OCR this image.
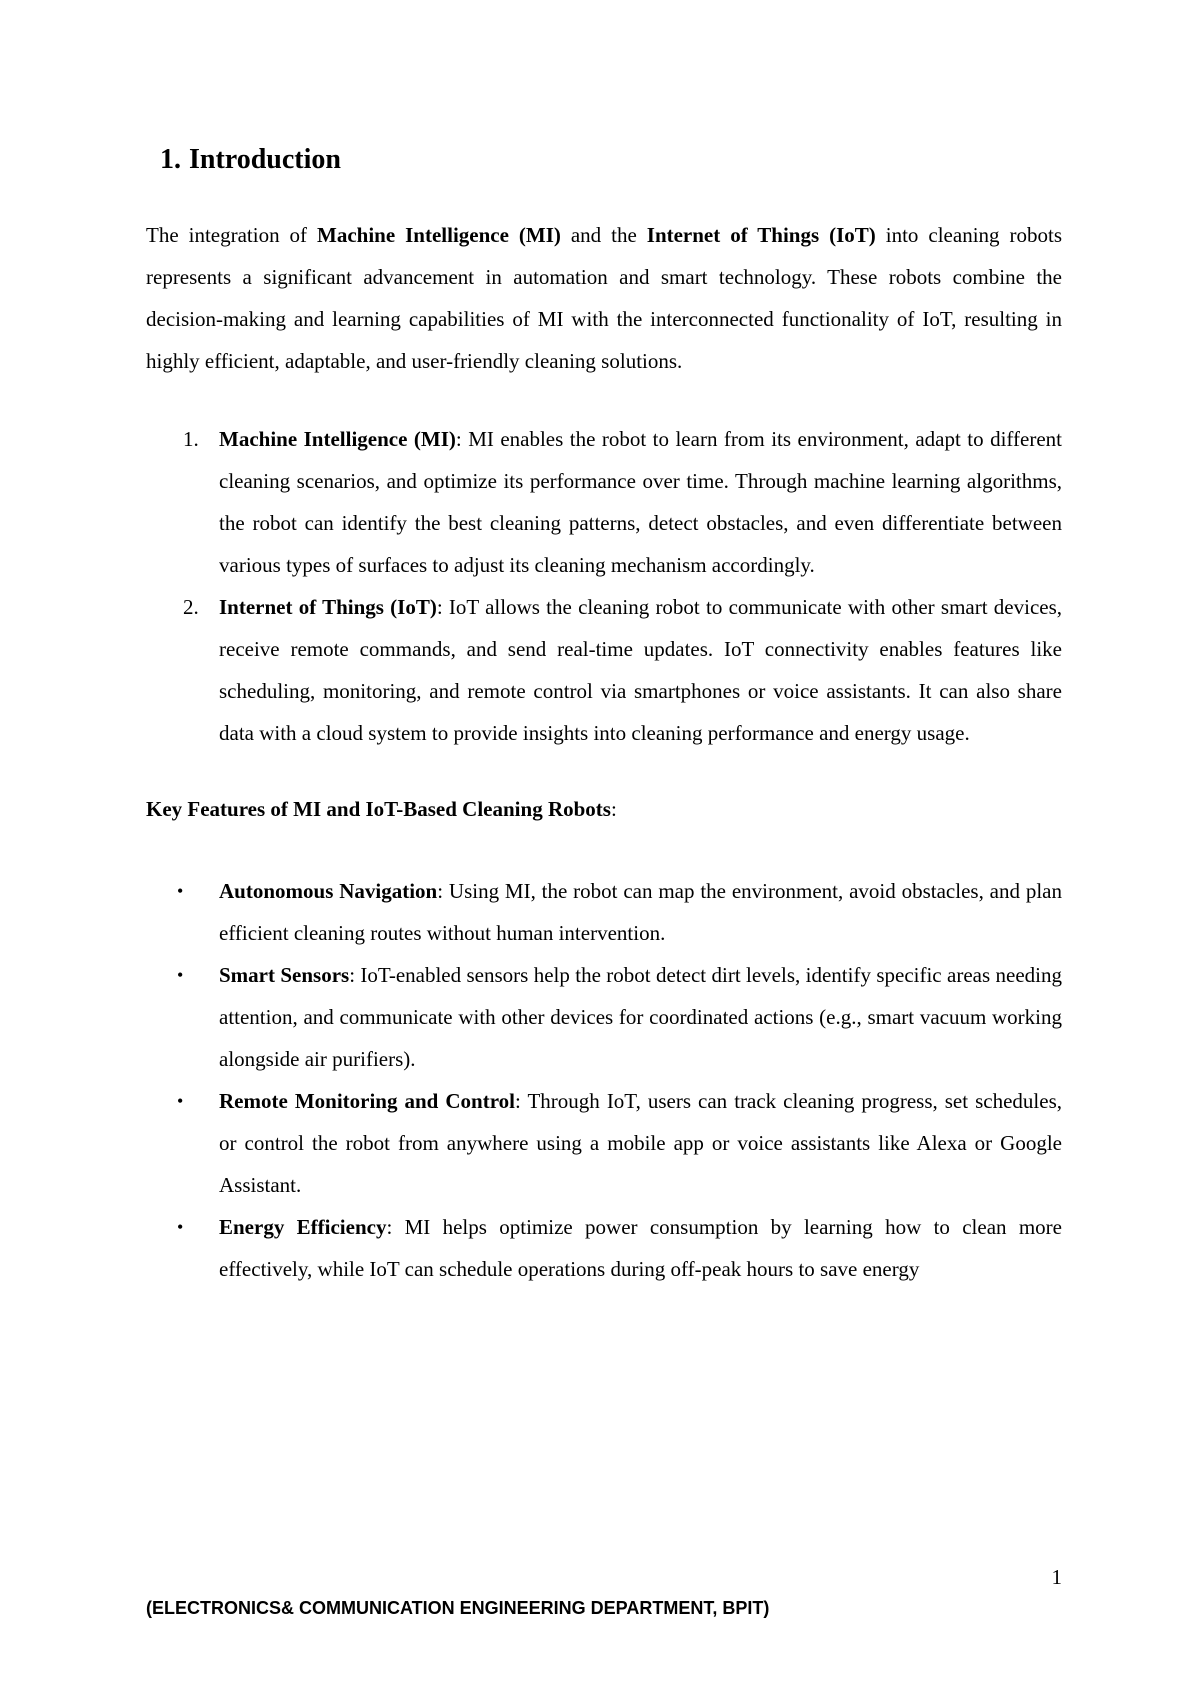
1. Introduction

The integration of Machine Intelligence (MI) and the Internet of Things (IoT) into cleaning robots represents a significant advancement in automation and smart technology. These robots combine the decision-making and learning capabilities of MI with the interconnected functionality of IoT, resulting in highly efficient, adaptable, and user-friendly cleaning solutions.

1. Machine Intelligence (MI): MI enables the robot to learn from its environment, adapt to different cleaning scenarios, and optimize its performance over time. Through machine learning algorithms, the robot can identify the best cleaning patterns, detect obstacles, and even differentiate between various types of surfaces to adjust its cleaning mechanism accordingly.
2. Internet of Things (IoT): IoT allows the cleaning robot to communicate with other smart devices, receive remote commands, and send real-time updates. IoT connectivity enables features like scheduling, monitoring, and remote control via smartphones or voice assistants. It can also share data with a cloud system to provide insights into cleaning performance and energy usage.

Key Features of MI and IoT-Based Cleaning Robots:

• Autonomous Navigation: Using MI, the robot can map the environment, avoid obstacles, and plan efficient cleaning routes without human intervention.
• Smart Sensors: IoT-enabled sensors help the robot detect dirt levels, identify specific areas needing attention, and communicate with other devices for coordinated actions (e.g., smart vacuum working alongside air purifiers).
• Remote Monitoring and Control: Through IoT, users can track cleaning progress, set schedules, or control the robot from anywhere using a mobile app or voice assistants like Alexa or Google Assistant.
• Energy Efficiency: MI helps optimize power consumption by learning how to clean more effectively, while IoT can schedule operations during off-peak hours to save energy
1
(ELECTRONICS& COMMUNICATION ENGINEERING DEPARTMENT, BPIT)
